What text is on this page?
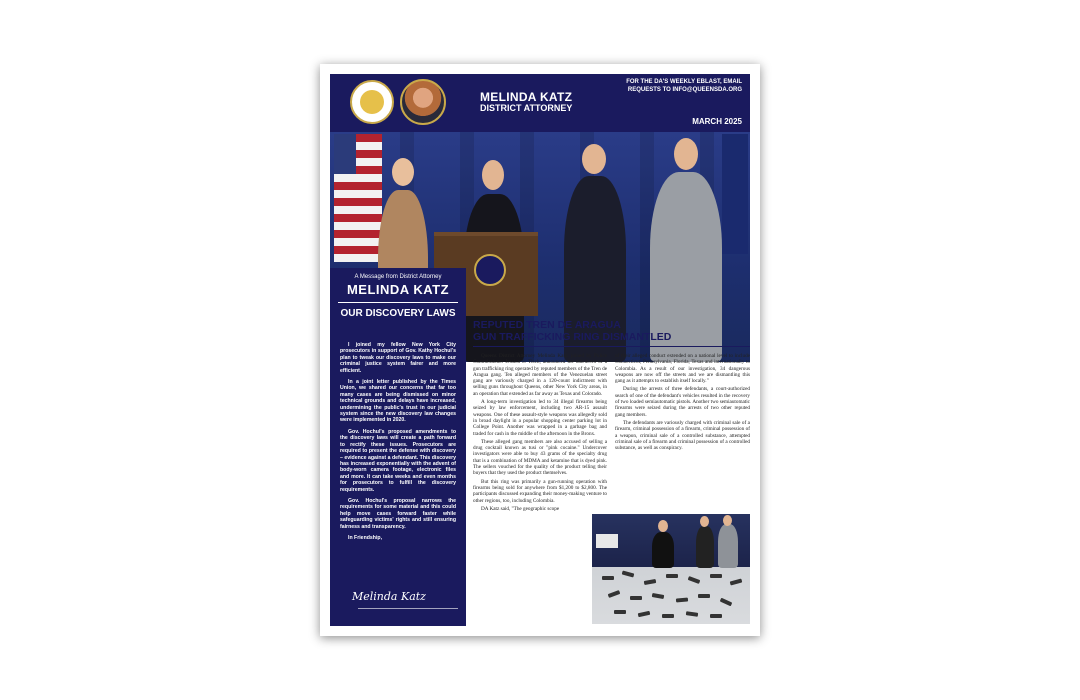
MELINDA KATZ
DISTRICT ATTORNEY
FOR THE DA'S WEEKLY EBLAST, EMAIL REQUESTS TO INFO@QUEENSDA.ORG
MARCH 2025
A Message from District Attorney
MELINDA KATZ
OUR DISCOVERY LAWS

I joined my fellow New York City prosecutors in support of Gov. Kathy Hochul's plan to tweak our discovery laws to make our criminal justice system fairer and more efficient.

In a joint letter published by the Times Union, we shared our concerns that far too many cases are being dismissed on minor technical grounds and delays have increased, undermining the public's trust in our judicial system since the new discovery law changes were implemented in 2020.

Gov. Hochul's proposed amendments to the discovery laws will create a path forward to rectify these issues. Prosecutors are required to present the defense with discovery – evidence against a defendant. This discovery has increased exponentially with the advent of body-worn camera footage, electronic files and more. It can take weeks and even months for prosecutors to fulfill the discovery requirements.

Gov. Hochul's proposal narrows the requirements for some material and this could help move cases forward faster while safeguarding victims' rights and still ensuring fairness and transparency.

In Friendship,

Melinda Katz
REPUTED TREN DE ARAGUA
GUN TRAFFICKING RING DISMANTLED

Queens District Attorney Melinda Katz, joined by Police Commissioner Jessica S. Tisch, announced the takedown of a gun trafficking ring operated by reputed members of the Tren de Aragua gang. Ten alleged members of the Venezuelan street gang are variously charged in a 120-count indictment with selling guns throughout Queens, other New York City areas, in an operation that extended as far away as Texas and Colorado.

A long-term investigation led to 34 illegal firearms being seized by law enforcement, including two AR-15 assault weapons. One of these assault-style weapons was allegedly sold in broad daylight in a popular shopping center parking lot in College Point. Another was wrapped in a garbage bag and traded for cash in the middle of the afternoon in the Bronx.

These alleged gang members are also accused of selling a drug cocktail known as tusi or "pink cocaine." Undercover investigators were able to buy 43 grams of the specialty drug that is a combination of MDMA and ketamine that is dyed pink. The sellers vouched for the quality of the product telling their buyers that they used the product themselves.

But this ring was primarily a gun-running operation with firearms being sold for anywhere from $1,200 to $2,800. The participants discussed expanding their money-making venture to other regions, too, including Colombia.

DA Katz said, "The geographic scope

of their alleged conduct extended on a national level to include Connecticut, Pennsylvania, Florida, Texas and internationally to Colombia. As a result of our investigation, 34 dangerous weapons are now off the streets and we are dismantling this gang as it attempts to establish itself locally."

During the arrests of three defendants, a court-authorized search of one of the defendant's vehicles resulted in the recovery of two loaded semiautomatic pistols. Another two semiautomatic firearms were seized during the arrests of two other reputed gang members.

The defendants are variously charged with criminal sale of a firearm, criminal possession of a firearm, criminal possession of a weapon, criminal sale of a controlled substance, attempted criminal sale of a firearm and criminal possession of a controlled substance, as well as conspiracy.
